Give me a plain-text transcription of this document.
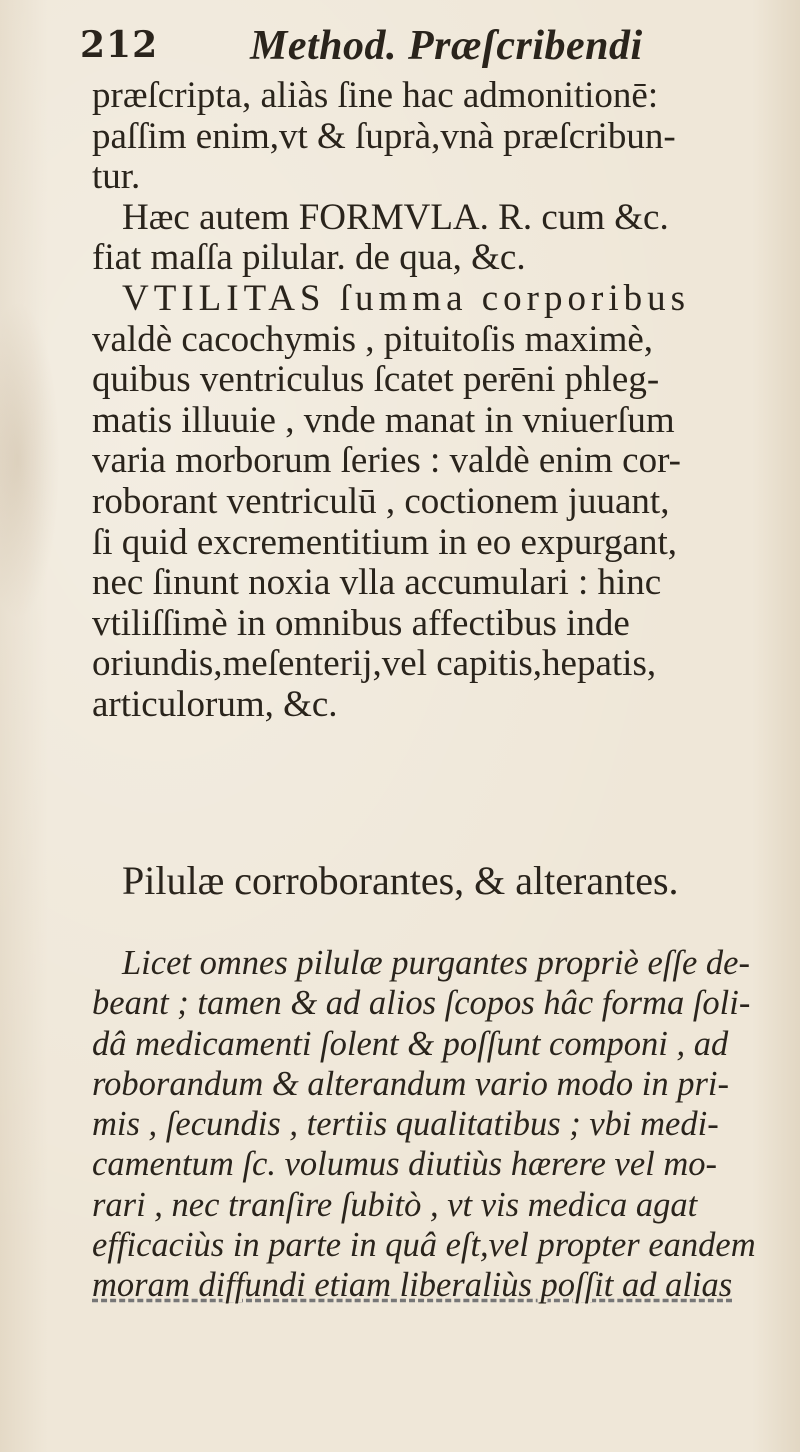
212 Method. Præſcribendi
præſcripta, aliàs ſine hac admonitionē:
paſſim enim,vt & ſuprà,vnà præſcribun-
tur.
Hæc autem FORMVLA. R. cum &c.
fiat maſſa pilular. de qua, &c.
VTILITAS ſumma corporibus
valdè cacochymis , pituitoſis maximè,
quibus ventriculus ſcatet perēni phleg-
matis illuuie , vnde manat in vniuerſum
varia morborum ſeries : valdè enim cor-
roborant ventriculū , coctionem juuant,
ſi quid excrementitium in eo expurgant,
nec ſinunt noxia vlla accumulari : hinc
vtiliſſimè in omnibus affectibus inde
oriundis,meſenterij,vel capitis,hepatis,
articulorum, &c.
Pilulæ corroborantes, & alterantes.
Licet omnes pilulæ purgantes propriè eſſe de-
beant ; tamen & ad alios ſcopos hâc forma ſoli-
dâ medicamenti ſolent & poſſunt componi , ad
roborandum & alterandum vario modo in pri-
mis , ſecundis , tertiis qualitatibus ; vbi medi-
camentum ſc. volumus diutiùs hærere vel mo-
rari , nec tranſire ſubitò , vt vis medica agat
efficaciùs in parte in quâ eſt,vel propter eandem
moram diffundi etiam liberaliùs poſſit ad alias
